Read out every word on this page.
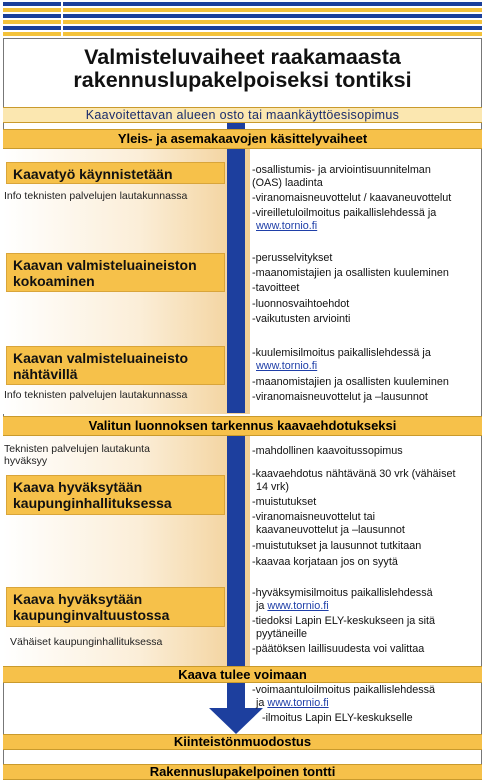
Valmisteluvaiheet raakamaasta
rakennuslupakelpoiseksi tontiksi
Kaavoitettavan alueen osto tai maankäyttöesisopimus
Yleis- ja asemakaavojen käsittelyvaiheet
Valitun luonnoksen tarkennus kaavaehdotukseksi
Kaava tulee voimaan
Kiinteistönmuodostus
Rakennuslupakelpoinen tontti
Kaavatyö käynnistetään
Kaavan valmisteluaineiston
kokoaminen
Kaavan valmisteluaineisto
nähtävillä
Kaava hyväksytään
kaupunginhallituksessa
Kaava hyväksytään
kaupunginvaltuustossa
Info teknisten palvelujen lautakunnassa
Info teknisten palvelujen lautakunnassa
Teknisten palvelujen lautakunta
hyväksyy
Vähäiset kaupunginhallituksessa
-osallistumis- ja arviointisuunnitelman
(OAS) laadinta
-viranomaisneuvottelut / kaavaneuvottelut
-vireilletuloilmoitus paikallislehdessä ja
www.tornio.fi
-perusselvitykset
-maanomistajien ja osallisten kuuleminen
-tavoitteet
-luonnosvaihtoehdot
-vaikutusten arviointi
-kuulemisilmoitus paikallislehdessä ja
www.tornio.fi
-maanomistajien ja osallisten kuuleminen
-viranomaisneuvottelut ja –lausunnot
-mahdollinen kaavoitussopimus
-kaavaehdotus nähtävänä 30 vrk (vähäiset
14 vrk)
-muistutukset
-viranomaisneuvottelut tai
kaavaneuvottelut ja –lausunnot
-muistutukset ja lausunnot tutkitaan
-kaavaa korjataan jos on syytä
-hyväksymisilmoitus paikallislehdessä
ja www.tornio.fi
-tiedoksi Lapin ELY-keskukseen ja sitä
pyytäneille
-päätöksen laillisuudesta voi valittaa
-voimaantuloilmoitus paikallislehdessä
ja www.tornio.fi
-ilmoitus Lapin ELY-keskukselle
